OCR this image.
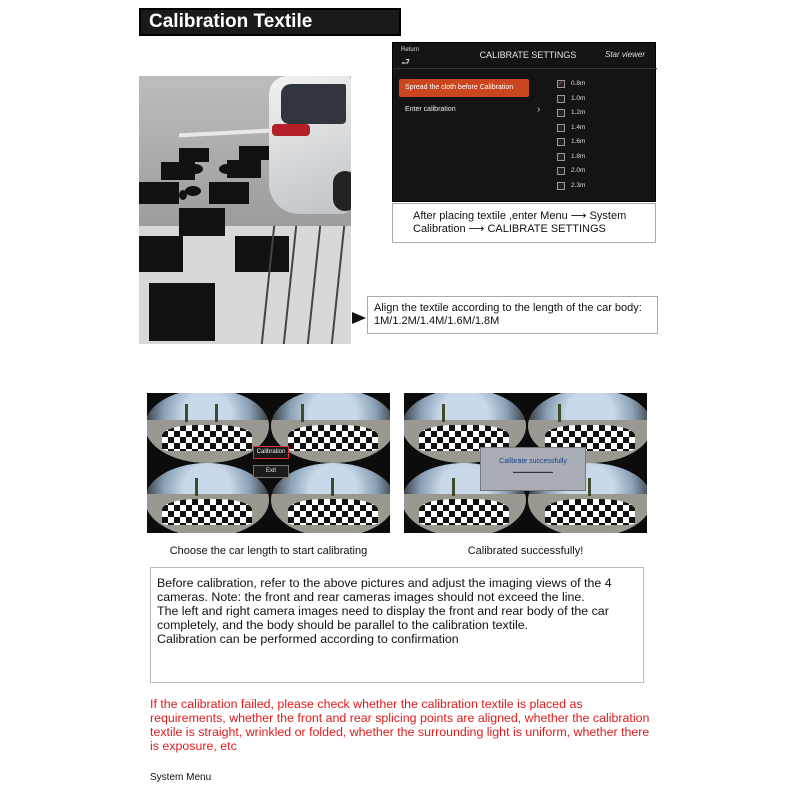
Calibration Textile Instruction	Return
⮐
CALIBRATE SETTINGS	Star viewer
Spread the cloth before Calibration
Enter calibration	›
✓ 0.8m
1.0m
1.2m
1.4m
1.6m
1.8m
2.0m
2.3m
After placing textile ,enter Menu ⟶ System
Calibration ⟶ CALIBRATE SETTINGS
Align the textile according to the length of the car body:
1M/1.2M/1.4M/1.6M/1.8M
Calibration
Exit
Calibrate successfully
▬▬▬▬▬▬▬▬▬▬
Choose the car length to start calibrating	Calibrated successfully!

Before calibration, refer to the above pictures and adjust the imaging views of the 4 cameras. Note: the front and rear cameras images should not exceed the line.

The left and right camera images need to display the front and rear body of the car completely, and the body should be parallel to the calibration textile.

Calibration can be performed according to confirmation

If the calibration failed, please check whether the calibration textile is placed as requirements, whether the front and rear splicing points are aligned, whether the calibration textile is straight, wrinkled or folded, whether the surrounding light is uniform, whether there is exposure, etc
System Menu
